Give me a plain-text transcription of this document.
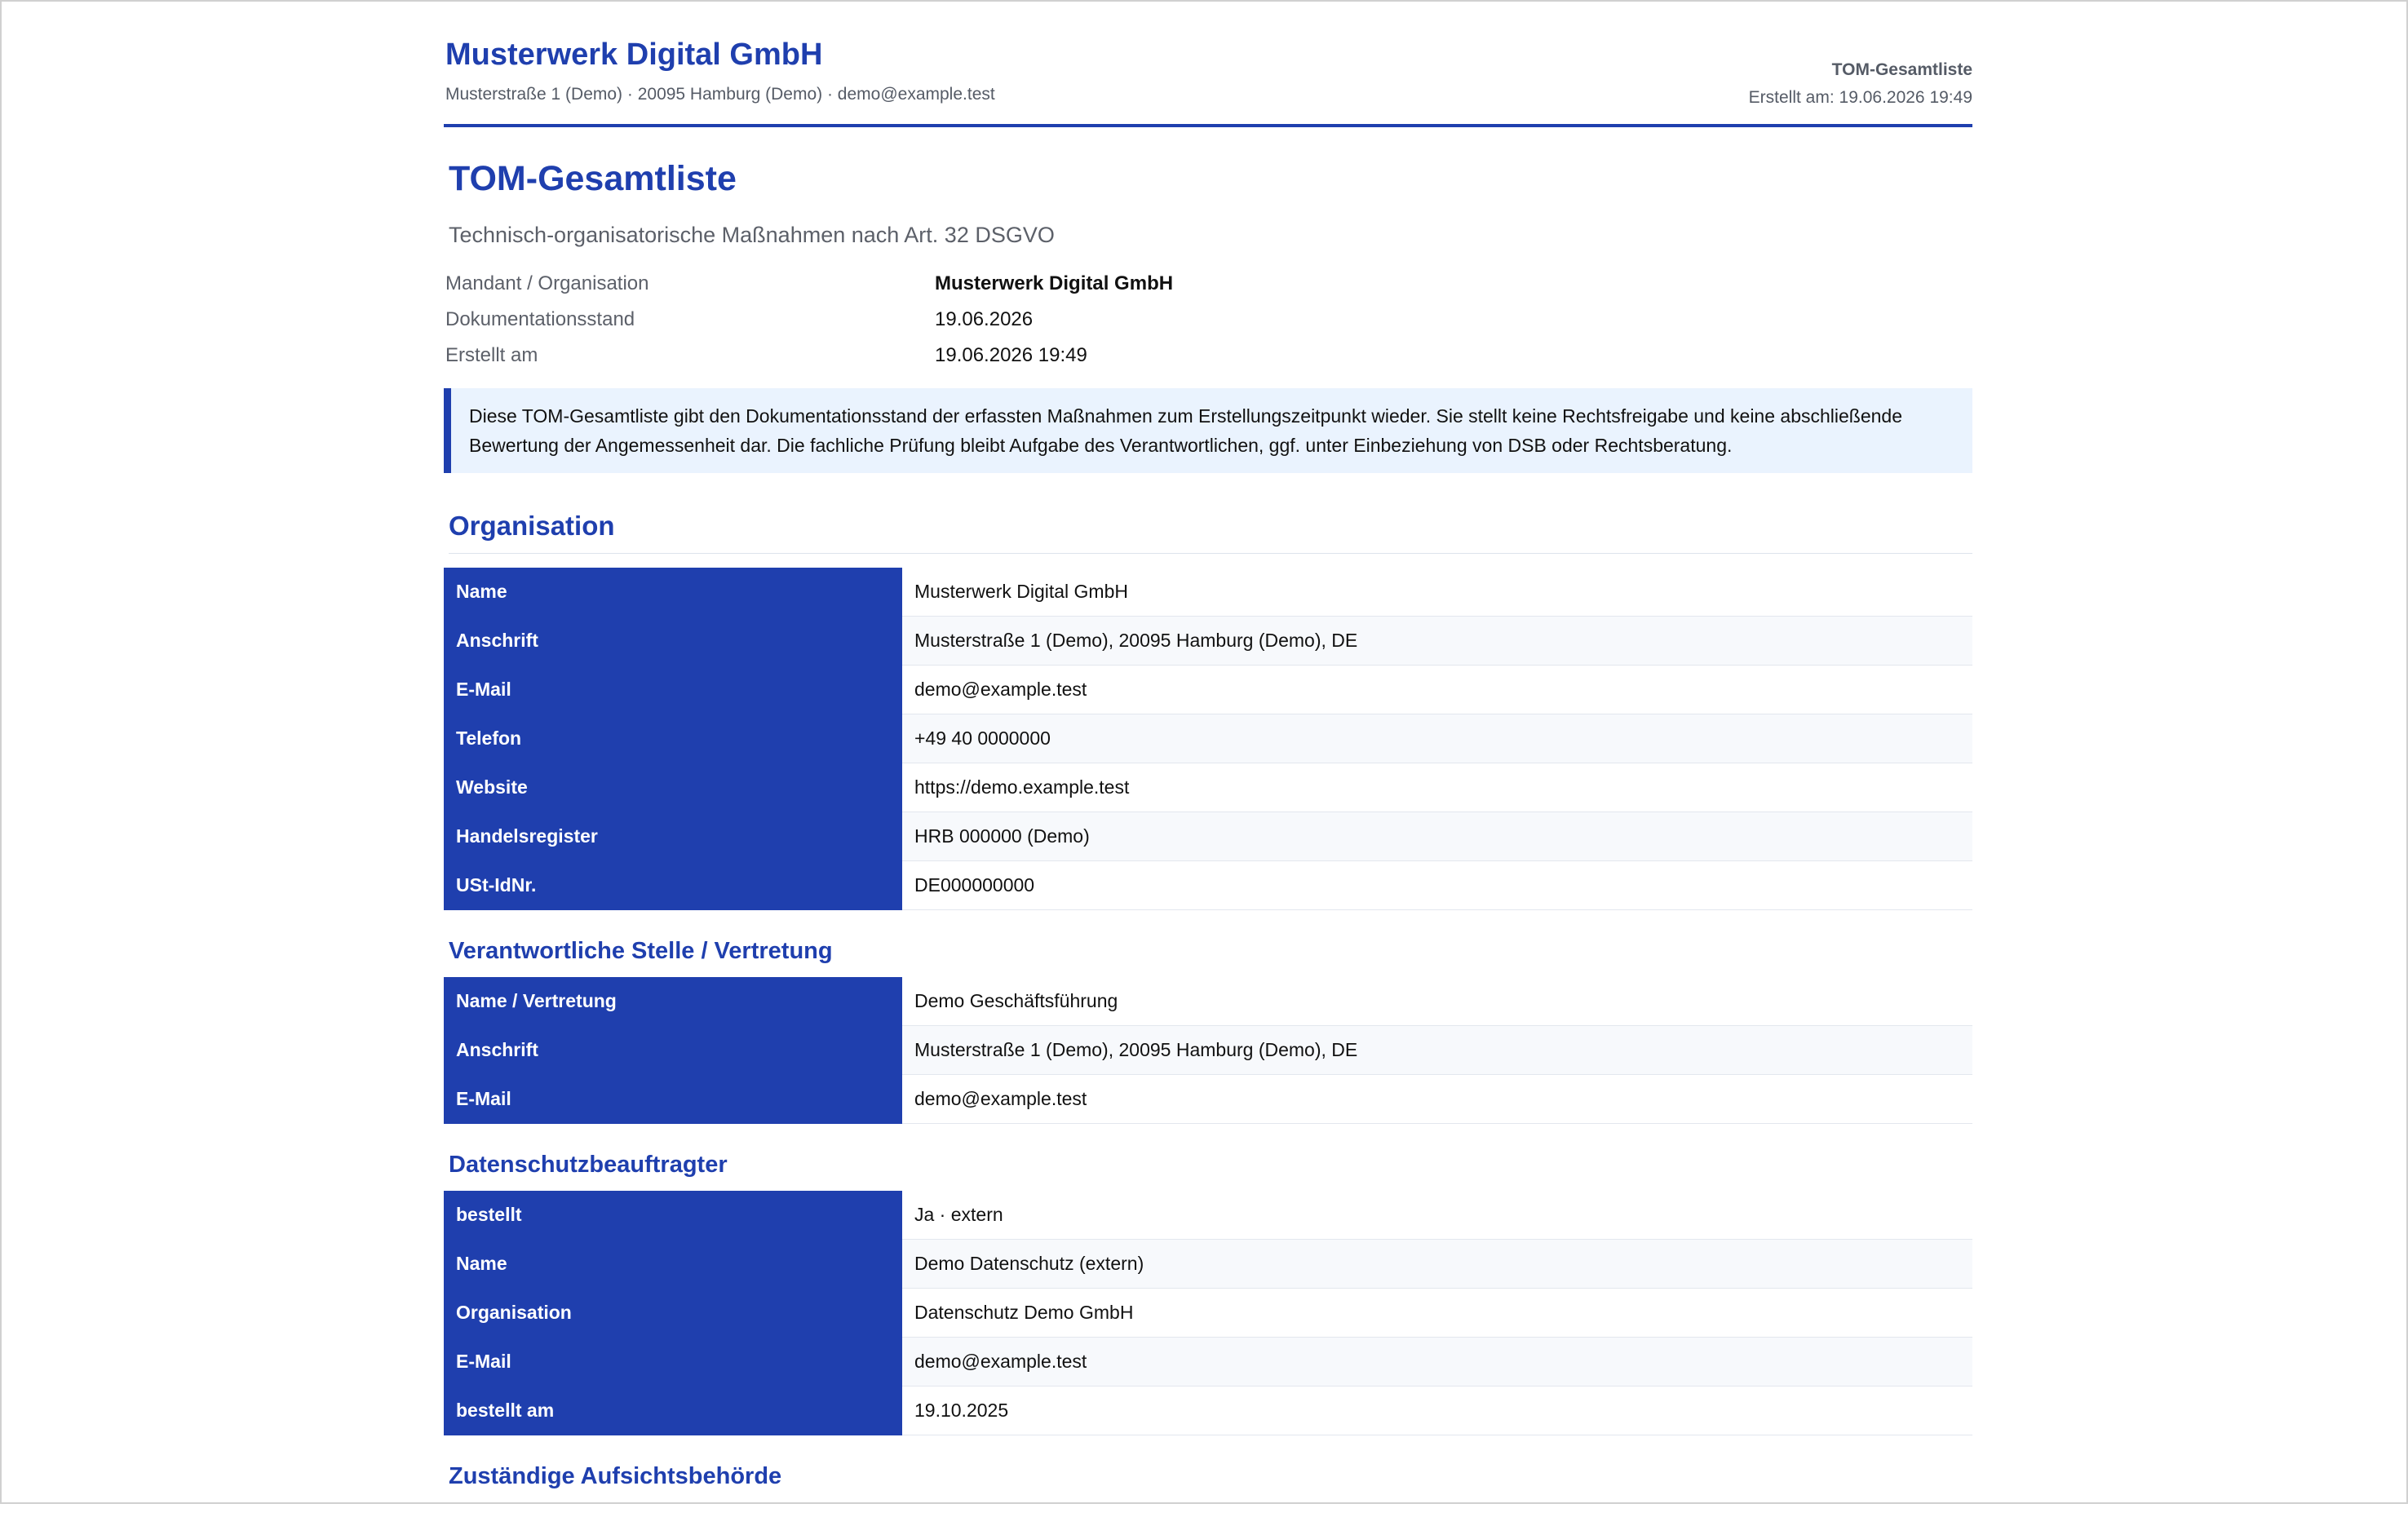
Musterwerk Digital GmbH
Musterstraße 1 (Demo) · 20095 Hamburg (Demo) · demo@example.test
TOM-Gesamtliste
Erstellt am: 19.06.2026 19:49
TOM-Gesamtliste
Technisch-organisatorische Maßnahmen nach Art. 32 DSGVO
Mandant / Organisation	Musterwerk Digital GmbH
Dokumentationsstand	19.06.2026
Erstellt am	19.06.2026 19:49
Diese TOM-Gesamtliste gibt den Dokumentationsstand der erfassten Maßnahmen zum Erstellungszeitpunkt wieder. Sie stellt keine Rechtsfreigabe und keine abschließende Bewertung der Angemessenheit dar. Die fachliche Prüfung bleibt Aufgabe des Verantwortlichen, ggf. unter Einbeziehung von DSB oder Rechtsberatung.
Organisation
Name	Musterwerk Digital GmbH
Anschrift	Musterstraße 1 (Demo), 20095 Hamburg (Demo), DE
E-Mail	demo@example.test
Telefon	+49 40 0000000
Website	https://demo.example.test
Handelsregister	HRB 000000 (Demo)
USt-IdNr.	DE000000000
Verantwortliche Stelle / Vertretung
Name / Vertretung	Demo Geschäftsführung
Anschrift	Musterstraße 1 (Demo), 20095 Hamburg (Demo), DE
E-Mail	demo@example.test
Datenschutzbeauftragter
bestellt	Ja · extern
Name	Demo Datenschutz (extern)
Organisation	Datenschutz Demo GmbH
E-Mail	demo@example.test
bestellt am	19.10.2025
Zuständige Aufsichtsbehörde
